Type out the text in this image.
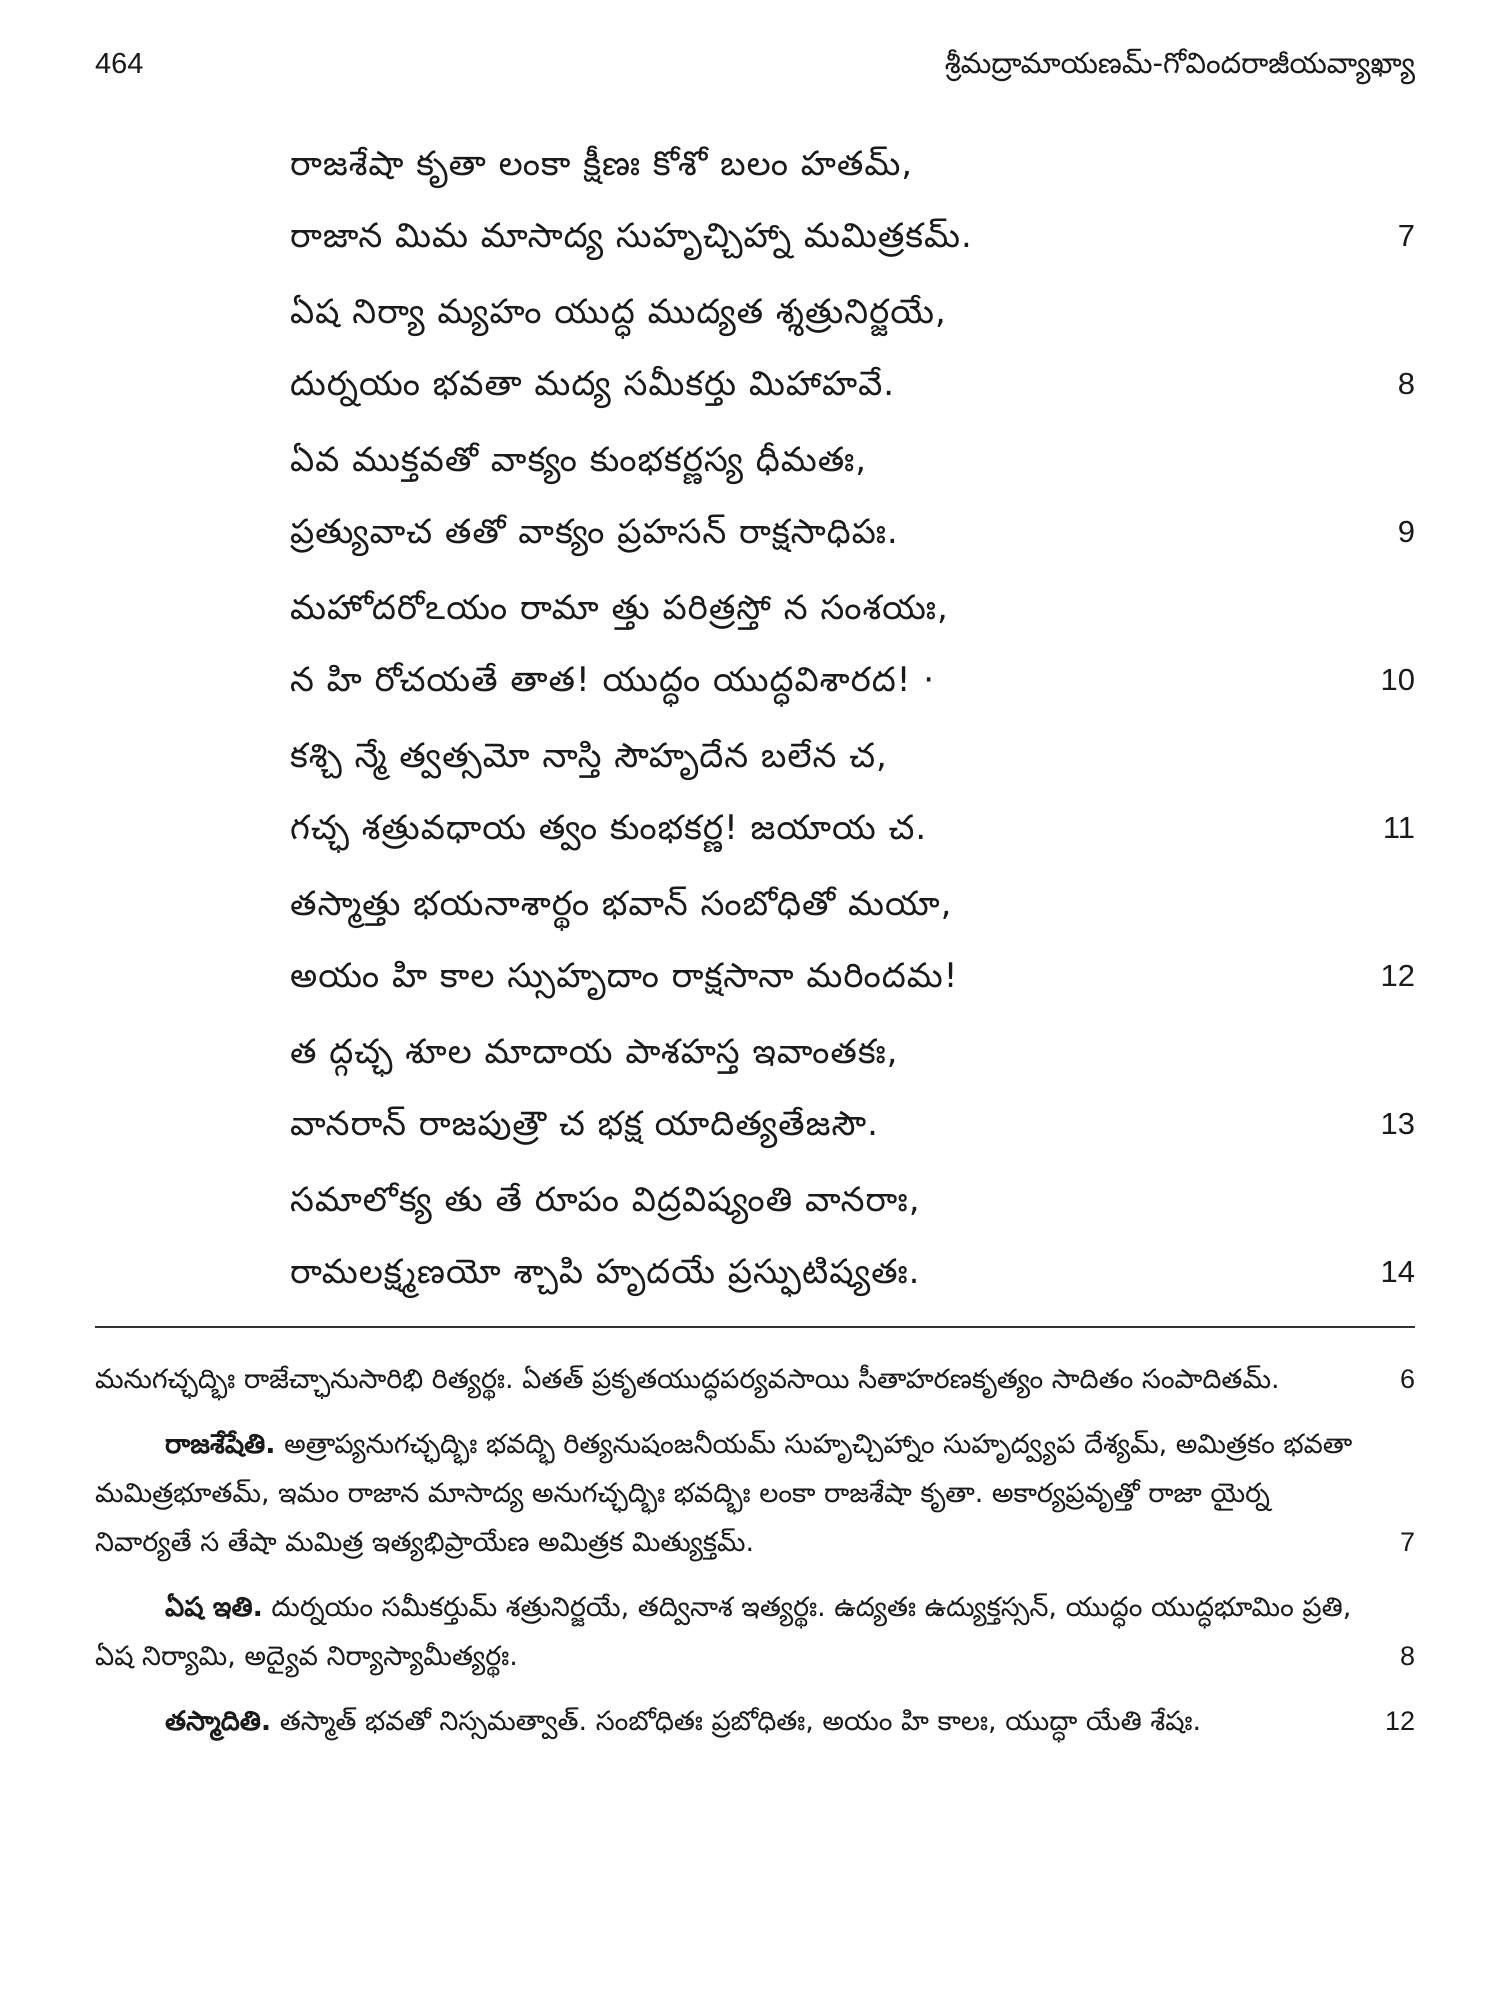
464	శ్రీమద్రామాయణమ్-గోవిందరాజీయవ్యాఖ్యా
రాజశేషా కృతా లంకా క్షీణః కోశో బలం హతమ్,
రాజాన మిమ మాసాద్య సుహృచ్చిహ్నా మమిత్రకమ్.	7
ఏష నిర్యా మ్యహం యుద్ధ ముద్యత శ్శత్రునిర్జయే,
దుర్నయం భవతా మద్య సమీకర్తు మిహాహవే.	8
ఏవ ముక్తవతో వాక్యం కుంభకర్ణస్య ధీమతః,
ప్రత్యువాచ తతో వాక్యం ప్రహసన్ రాక్షసాధిపః.	9
మహోదరోఽయం రామా త్తు పరిత్రస్తో న సంశయః,
న హి రోచయతే తాత! యుద్ధం యుద్ధవిశారద! ·	10
కశ్చి న్మే త్వత్సమో నాస్తి సౌహృదేన బలేన చ,
గచ్ఛ శత్రువధాయ త్వం కుంభకర్ణ! జయాయ చ.	11
తస్మాత్తు భయనాశార్థం భవాన్ సంబోధితో మయా,
అయం హి కాల స్సుహృదాం రాక్షసానా మరిందమ!	12
త ద్గచ్ఛ శూల మాదాయ పాశహస్త ఇవాంతకః,
వానరాన్ రాజపుత్రౌ చ భక్ష యాదిత్యతేజసౌ.	13
సమాలోక్య తు తే రూపం విద్రవిష్యంతి వానరాః,
రామలక్ష్మణయో శ్చాపి హృదయే ప్రస్ఫుటిష్యతః.	14
మనుగచ్ఛద్భిః రాజేచ్ఛానుసారిభి రిత్యర్థః. ఏతత్ ప్రకృతయుద్ధపర్యవసాయి సీతాహరణకృత్యం సాదితం సంపాదితమ్.	6
రాజశేషేతి. అత్రాప్యనుగచ్ఛద్భిః భవద్భి రిత్యనుషంజనీయమ్ సుహృచ్చిహ్నాం సుహృద్వ్యప దేశ్యమ్, అమిత్రకం భవతా మమిత్రభూతమ్, ఇమం రాజాన మాసాద్య అనుగచ్ఛద్భిః భవద్భిః లంకా రాజశేషా కృతా. అకార్యప్రవృత్తో రాజా యైర్న నివార్యతే స తేషా మమిత్ర ఇత్యభిప్రాయేణ అమిత్రక మిత్యుక్తమ్.	7
ఏష ఇతి. దుర్నయం సమీకర్తుమ్ శత్రునిర్జయే, తద్వినాశ ఇత్యర్థః. ఉద్యతః ఉద్యుక్తస్సన్, యుద్ధం యుద్ధభూమిం ప్రతి, ఏష నిర్యామి, అద్యైవ నిర్యాస్యామీత్యర్థః.	8
తస్మాదితి. తస్మాత్ భవతో నిస్సమత్వాత్. సంబోధితః ప్రబోధితః, అయం హి కాలః, యుద్ధా యేతి శేషః.	12
